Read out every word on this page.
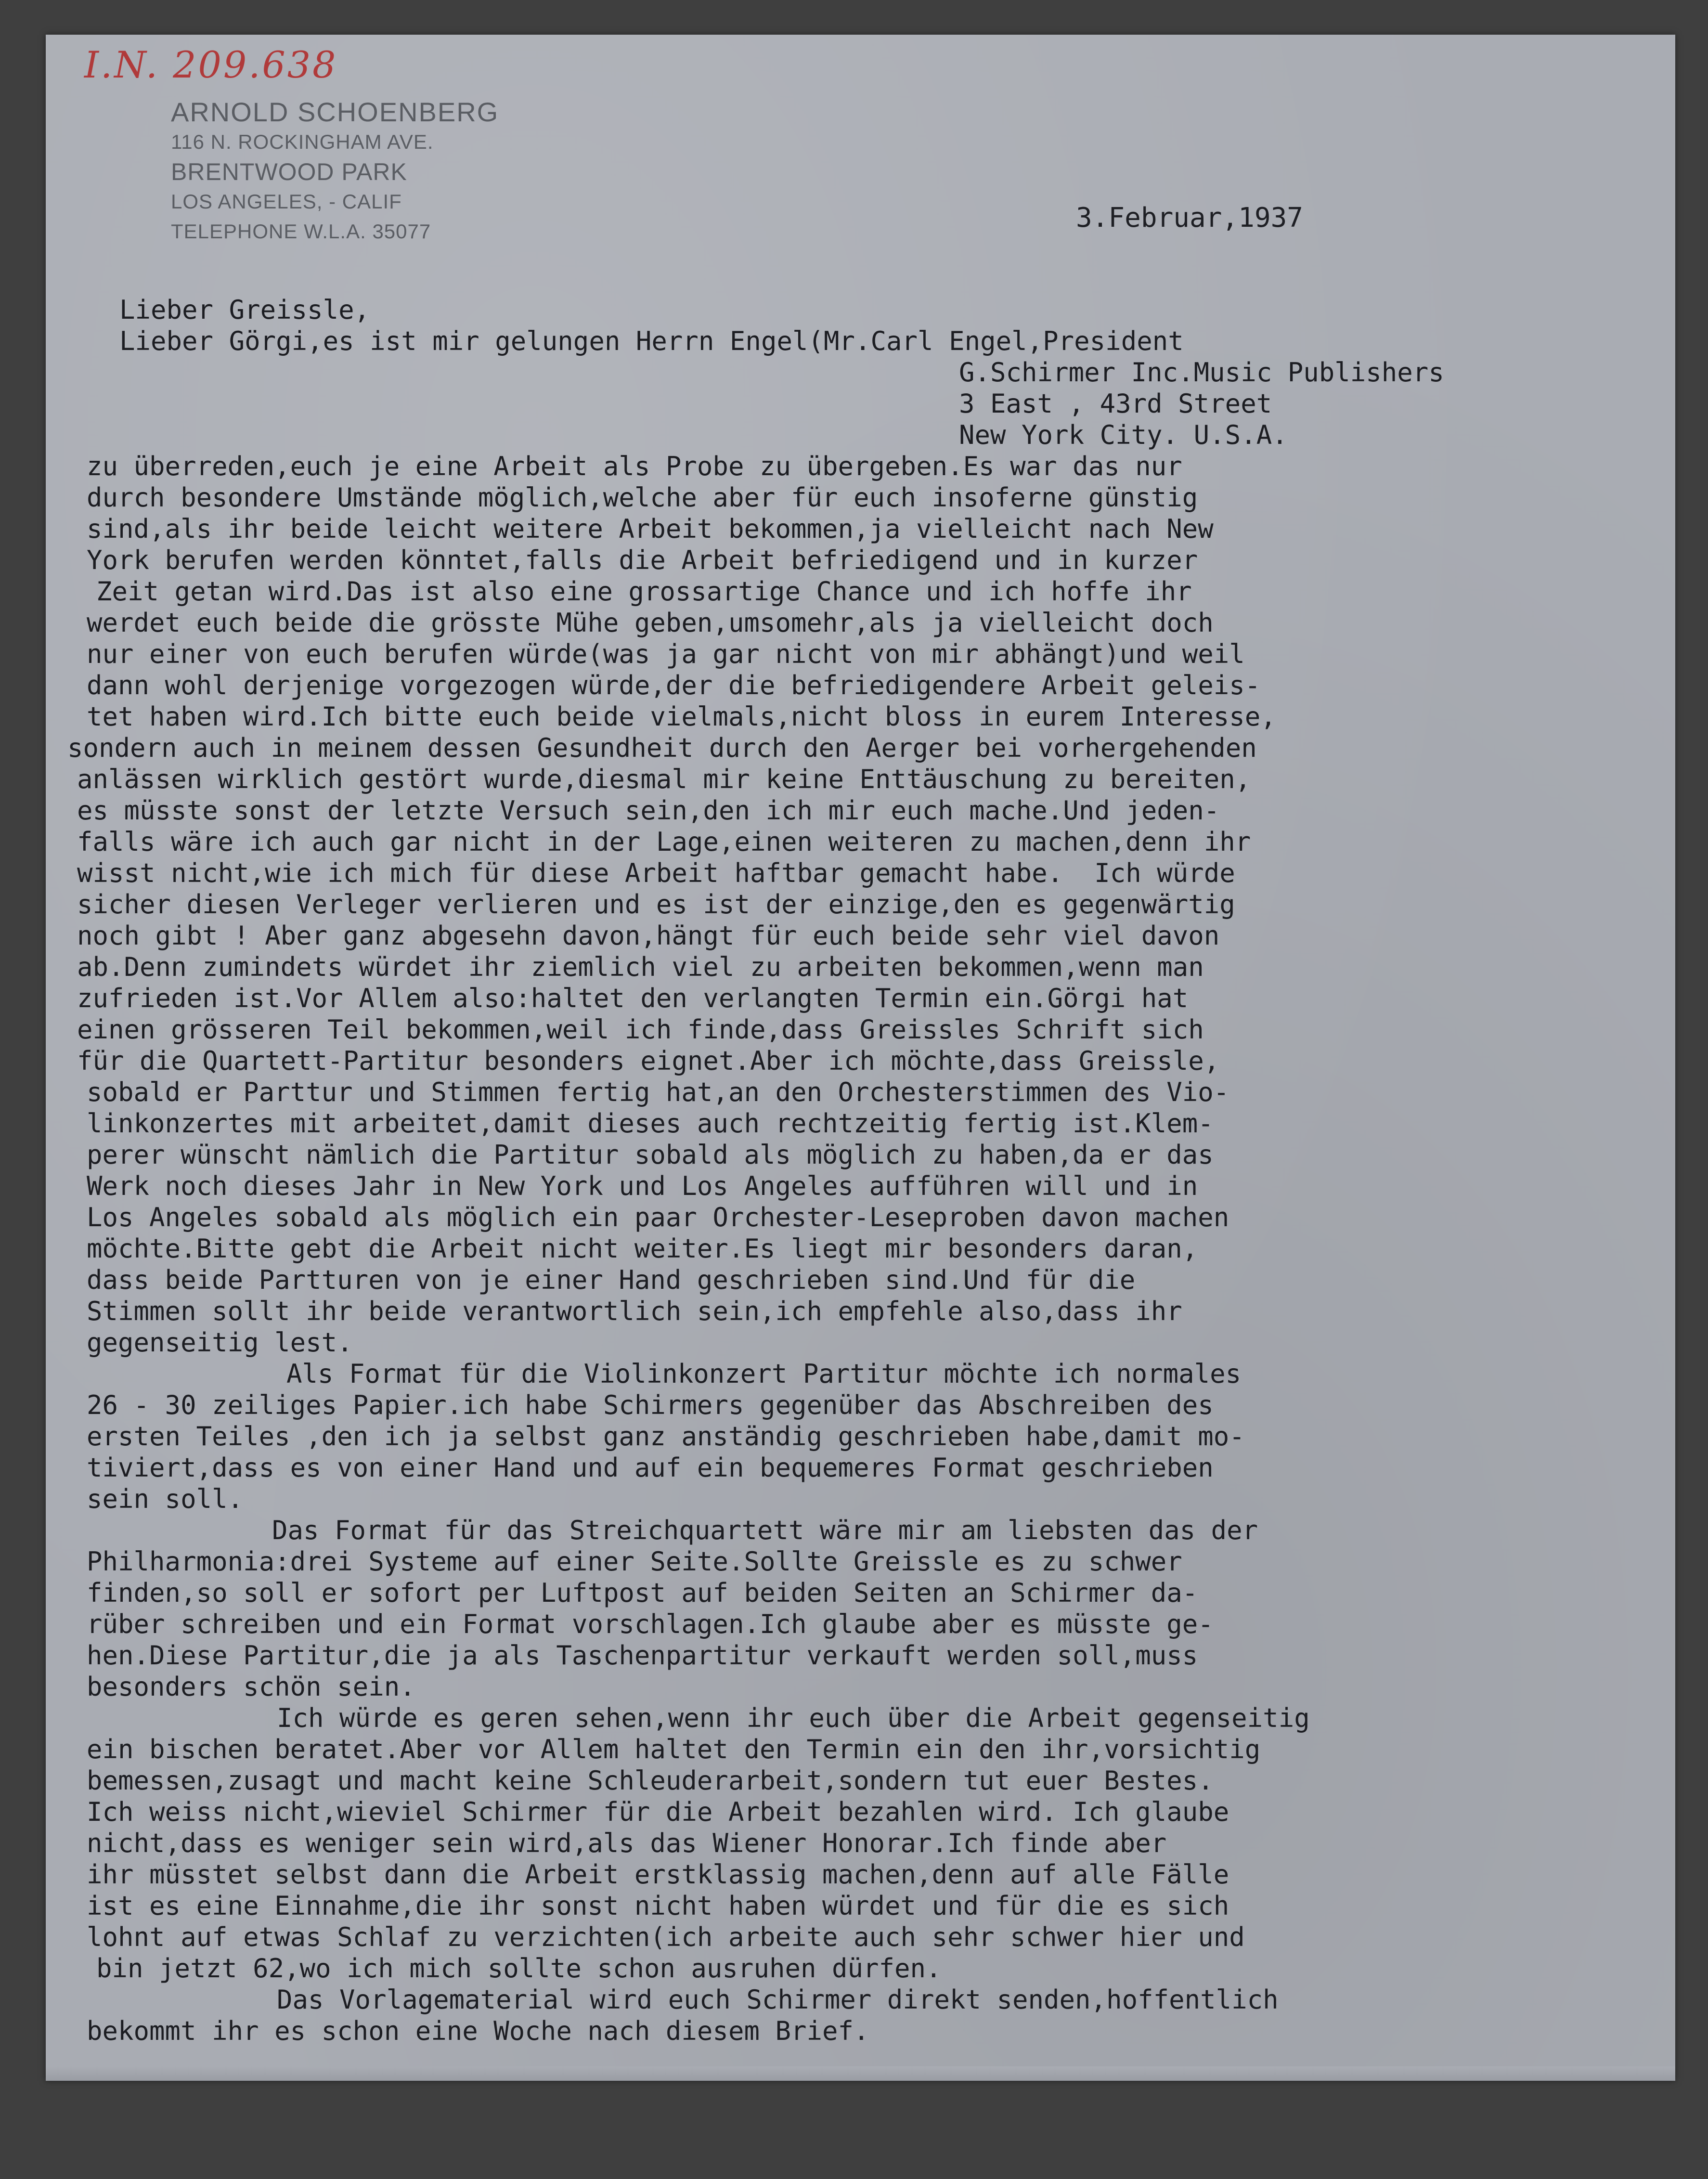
I.N. 209.638
ARNOLD SCHOENBERG
116 N. ROCKINGHAM AVE.
BRENTWOOD PARK
LOS ANGELES, - CALIF
TELEPHONE W.L.A. 35077	3.Februar,1937
Lieber Greissle,
Lieber Görgi,es ist mir gelungen Herrn Engel(Mr.Carl Engel,President
G.Schirmer Inc.Music Publishers
3 East , 43rd Street
New York City. U.S.A.
zu überreden,euch je eine Arbeit als Probe zu übergeben.Es war das nur
durch besondere Umstände möglich,welche aber für euch insoferne günstig
sind,als ihr beide leicht weitere Arbeit bekommen,ja vielleicht nach New
York berufen werden könntet,falls die Arbeit befriedigend und in kurzer
Zeit getan wird.Das ist also eine grossartige Chance und ich hoffe ihr
werdet euch beide die grösste Mühe geben,umsomehr,als ja vielleicht doch
nur einer von euch berufen würde(was ja gar nicht von mir abhängt)und weil
dann wohl derjenige vorgezogen würde,der die befriedigendere Arbeit geleis-
tet haben wird.Ich bitte euch beide vielmals,nicht bloss in eurem Interesse,
sondern auch in meinem dessen Gesundheit durch den Aerger bei vorhergehenden
anlässen wirklich gestört wurde,diesmal mir keine Enttäuschung zu bereiten,
es müsste sonst der letzte Versuch sein,den ich mir euch mache.Und jeden-
falls wäre ich auch gar nicht in der Lage,einen weiteren zu machen,denn ihr
wisst nicht,wie ich mich für diese Arbeit haftbar gemacht habe.  Ich würde
sicher diesen Verleger verlieren und es ist der einzige,den es gegenwärtig
noch gibt ! Aber ganz abgesehn davon,hängt für euch beide sehr viel davon
ab.Denn zumindets würdet ihr ziemlich viel zu arbeiten bekommen,wenn man
zufrieden ist.Vor Allem also:haltet den verlangten Termin ein.Görgi hat
einen grösseren Teil bekommen,weil ich finde,dass Greissles Schrift sich
für die Quartett-Partitur besonders eignet.Aber ich möchte,dass Greissle,
sobald er Parttur und Stimmen fertig hat,an den Orchesterstimmen des Vio-
linkonzertes mit arbeitet,damit dieses auch rechtzeitig fertig ist.Klem-
perer wünscht nämlich die Partitur sobald als möglich zu haben,da er das
Werk noch dieses Jahr in New York und Los Angeles aufführen will und in
Los Angeles sobald als möglich ein paar Orchester-Leseproben davon machen
möchte.Bitte gebt die Arbeit nicht weiter.Es liegt mir besonders daran,
dass beide Partturen von je einer Hand geschrieben sind.Und für die
Stimmen sollt ihr beide verantwortlich sein,ich empfehle also,dass ihr
gegenseitig lest.
Als Format für die Violinkonzert Partitur möchte ich normales
26 - 30 zeiliges Papier.ich habe Schirmers gegenüber das Abschreiben des
ersten Teiles ,den ich ja selbst ganz anständig geschrieben habe,damit mo-
tiviert,dass es von einer Hand und auf ein bequemeres Format geschrieben
sein soll.
Das Format für das Streichquartett wäre mir am liebsten das der
Philharmonia:drei Systeme auf einer Seite.Sollte Greissle es zu schwer
finden,so soll er sofort per Luftpost auf beiden Seiten an Schirmer da-
rüber schreiben und ein Format vorschlagen.Ich glaube aber es müsste ge-
hen.Diese Partitur,die ja als Taschenpartitur verkauft werden soll,muss
besonders schön sein.
Ich würde es geren sehen,wenn ihr euch über die Arbeit gegenseitig
ein bischen beratet.Aber vor Allem haltet den Termin ein den ihr,vorsichtig
bemessen,zusagt und macht keine Schleuderarbeit,sondern tut euer Bestes.
Ich weiss nicht,wieviel Schirmer für die Arbeit bezahlen wird. Ich glaube
nicht,dass es weniger sein wird,als das Wiener Honorar.Ich finde aber
ihr müsstet selbst dann die Arbeit erstklassig machen,denn auf alle Fälle
ist es eine Einnahme,die ihr sonst nicht haben würdet und für die es sich
lohnt auf etwas Schlaf zu verzichten(ich arbeite auch sehr schwer hier und
bin jetzt 62,wo ich mich sollte schon ausruhen dürfen.
Das Vorlagematerial wird euch Schirmer direkt senden,hoffentlich
bekommt ihr es schon eine Woche nach diesem Brief.
